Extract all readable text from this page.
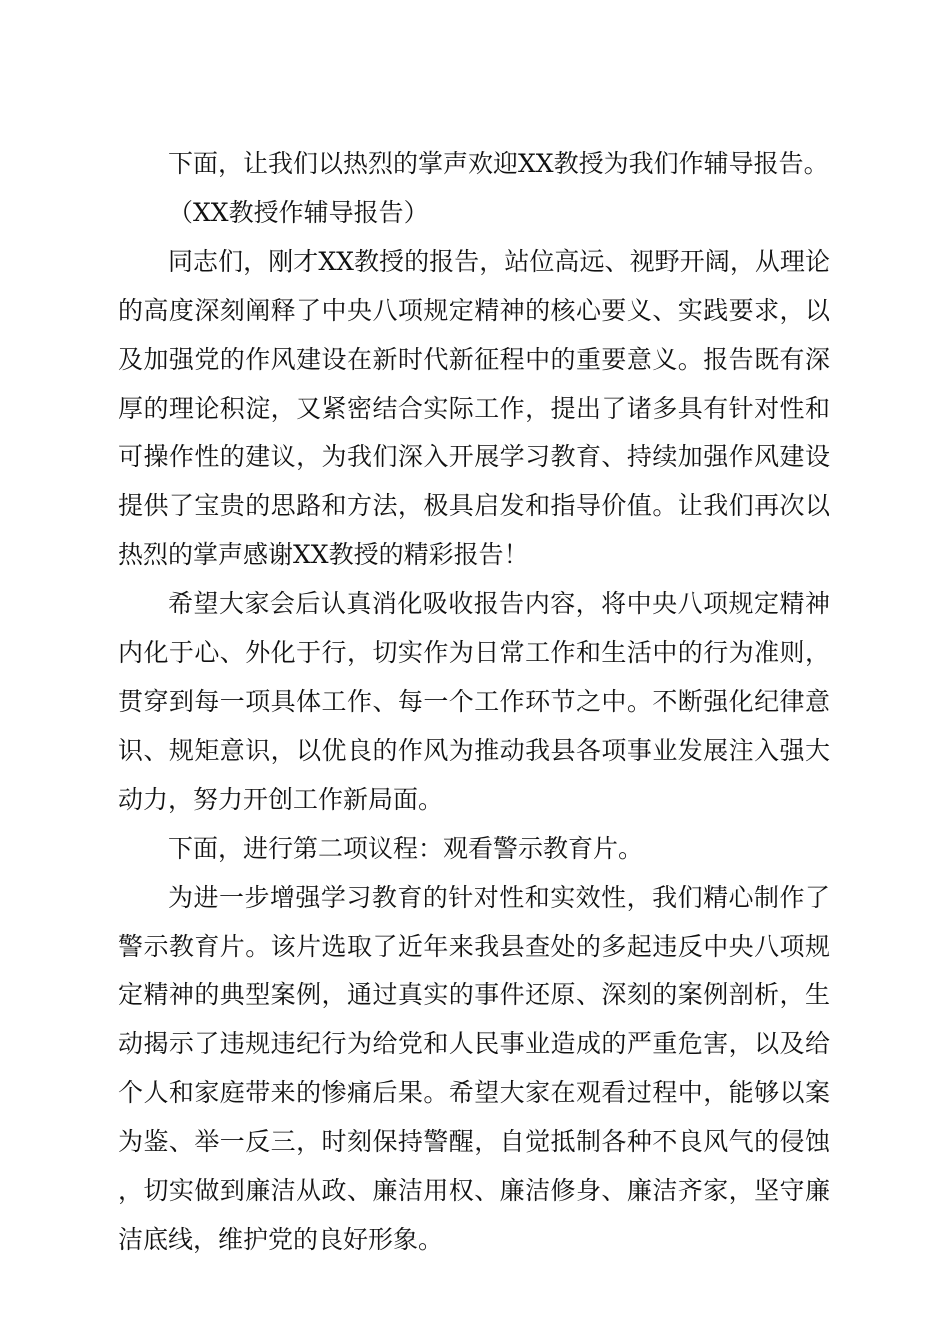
下面，让我们以热烈的掌声欢迎XX教授为我们作辅导报告。

（XX教授作辅导报告）

同志们，刚才XX教授的报告，站位高远、视野开阔，从理论的高度深刻阐释了中央八项规定精神的核心要义、实践要求，以及加强党的作风建设在新时代新征程中的重要意义。报告既有深厚的理论积淀，又紧密结合实际工作，提出了诸多具有针对性和可操作性的建议，为我们深入开展学习教育、持续加强作风建设提供了宝贵的思路和方法，极具启发和指导价值。让我们再次以热烈的掌声感谢XX教授的精彩报告！

希望大家会后认真消化吸收报告内容，将中央八项规定精神内化于心、外化于行，切实作为日常工作和生活中的行为准则，贯穿到每一项具体工作、每一个工作环节之中。不断强化纪律意识、规矩意识，以优良的作风为推动我县各项事业发展注入强大动力，努力开创工作新局面。

下面，进行第二项议程：观看警示教育片。

为进一步增强学习教育的针对性和实效性，我们精心制作了警示教育片。该片选取了近年来我县查处的多起违反中央八项规定精神的典型案例，通过真实的事件还原、深刻的案例剖析，生动揭示了违规违纪行为给党和人民事业造成的严重危害，以及给个人和家庭带来的惨痛后果。希望大家在观看过程中，能够以案为鉴、举一反三，时刻保持警醒，自觉抵制各种不良风气的侵蚀，切实做到廉洁从政、廉洁用权、廉洁修身、廉洁齐家，坚守廉洁底线，维护党的良好形象。
